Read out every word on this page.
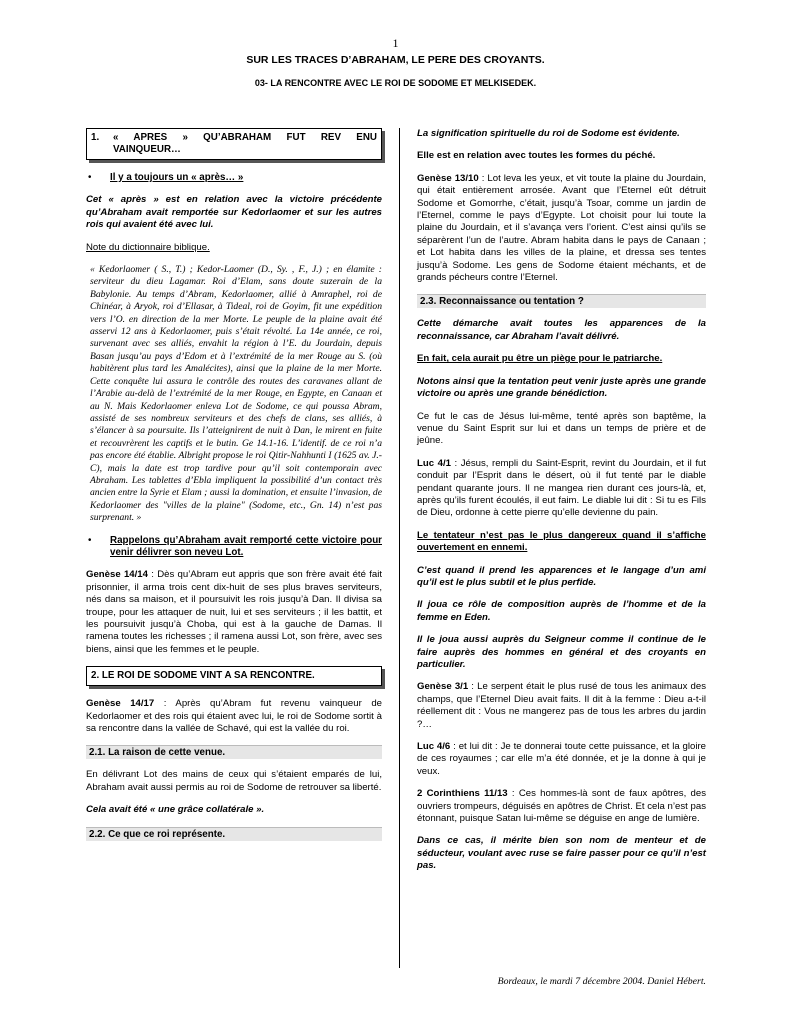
1
SUR LES TRACES D’ABRAHAM, LE PERE DES CROYANTS.
03- LA RENCONTRE AVEC LE ROI DE SODOME ET MELKISEDEK.
1.	« APRES » QU’ABRAHAM FUT REV ENU
VAINQUEUR…
•	Il y a toujours un « après… »

Cet « après » est en relation avec la victoire précédente qu’Abraham avait remportée sur Kedorlaomer et sur les autres rois qui avaient été avec lui.

Note du dictionnaire biblique.

« Kedorlaomer ( S., T.) ; Kedor-Laomer (D., Sy. , F., J.) ; en élamite : serviteur du dieu Lagamar. Roi d’Elam, sans doute suzerain de la Babylonie. Au temps d’Abram, Kedorlaomer, allié à Amraphel, roi de Chinéar, à Aryok, roi d’Ellasar, à Tideal, roi de Goyim, fit une expédition vers l’O. en direction de la mer Morte. Le peuple de la plaine avait été asservi 12 ans à Kedorlaomer, puis s’était révolté. La 14e année, ce roi, survenant avec ses alliés, envahit la région à l’E. du Jourdain, depuis Basan jusqu’au pays d’Edom et à l’extrémité de la mer Rouge au S. (où habitèrent plus tard les Amalécites), ainsi que la plaine de la mer Morte. Cette conquête lui assura le contrôle des routes des caravanes allant de l’Arabie au-delà de l’extrémité de la mer Rouge, en Egypte, en Canaan et au N. Mais Kedorlaomer enleva Lot de Sodome, ce qui poussa Abram, assisté de ses nombreux serviteurs et des chefs de clans, ses alliés, à s’élancer à sa poursuite. Ils l’atteignirent de nuit à Dan, le mirent en fuite et recouvrèrent les captifs et le butin. Ge 14.1-16. L’identif. de ce roi n’a pas encore été établie. Albright propose le roi Qitir-Nahhunti I (1625 av. J.- C), mais la date est trop tardive pour qu’il soit contemporain avec Abraham. Les tablettes d’Ebla impliquent la possibilité d’un contact très ancien entre la Syrie et Elam ; aussi la domination, et ensuite l’invasion, de Kedorlaomer des "villes de la plaine" (Sodome, etc., Gn. 14) n’est pas surprenant. »

•	Rappelons qu’Abraham avait remporté cette victoire pour venir délivrer son neveu Lot.

Genèse 14/14 : Dès qu’Abram eut appris que son frère avait été fait prisonnier, il arma trois cent dix-huit de ses plus braves serviteurs, nés dans sa maison, et il poursuivit les rois jusqu’à Dan. Il divisa sa troupe, pour les attaquer de nuit, lui et ses serviteurs ; il les battit, et les poursuivit jusqu’à Choba, qui est à la gauche de Damas. Il ramena toutes les richesses ; il ramena aussi Lot, son frère, avec ses biens, ainsi que les femmes et le peuple.

2. LE ROI DE SODOME VINT A SA RENCONTRE.

Genèse 14/17 : Après qu’Abram fut revenu vainqueur de Kedorlaomer et des rois qui étaient avec lui, le roi de Sodome sortit à sa rencontre dans la vallée de Schavé, qui est la vallée du roi.

2.1. La raison de cette venue.

En délivrant Lot des mains de ceux qui s’étaient emparés de lui, Abraham avait aussi permis au roi de Sodome de retrouver sa liberté.

Cela avait été « une grâce collatérale ».

2.2. Ce que ce roi représente.

La signification spirituelle du roi de Sodome est évidente.

Elle est en relation avec toutes les formes du péché.

Genèse 13/10 : Lot leva les yeux, et vit toute la plaine du Jourdain, qui était entièrement arrosée. Avant que l’Eternel eût détruit Sodome et Gomorrhe, c’était, jusqu’à Tsoar, comme un jardin de l’Eternel, comme le pays d’Egypte. Lot choisit pour lui toute la plaine du Jourdain, et il s’avança vers l’orient. C’est ainsi qu’ils se séparèrent l’un de l’autre. Abram habita dans le pays de Canaan ; et Lot habita dans les villes de la plaine, et dressa ses tentes jusqu’à Sodome. Les gens de Sodome étaient méchants, et de grands pécheurs contre l’Eternel.

2.3. Reconnaissance ou tentation ?

Cette démarche avait toutes les apparences de la reconnaissance, car Abraham l’avait délivré.

En fait, cela aurait pu être un piège pour le patriarche.

Notons ainsi que la tentation peut venir juste après une grande victoire ou après une grande bénédiction.

Ce fut le cas de Jésus lui-même, tenté après son baptême, la venue du Saint Esprit sur lui et dans un temps de prière et de jeûne.

Luc 4/1 : Jésus, rempli du Saint-Esprit, revint du Jourdain, et il fut conduit par l’Esprit dans le désert, où il fut tenté par le diable pendant quarante jours. Il ne mangea rien durant ces jours-là, et, après qu’ils furent écoulés, il eut faim. Le diable lui dit : Si tu es Fils de Dieu, ordonne à cette pierre qu’elle devienne du pain.

Le tentateur n’est pas le plus dangereux quand il s’affiche ouvertement en ennemi.

C’est quand il prend les apparences et le langage d’un ami qu’il est le plus subtil et le plus perfide.

Il joua ce rôle de composition auprès de l’homme et de la femme en Eden.

Il le joua aussi auprès du Seigneur comme il continue de le faire auprès des hommes en général et des croyants en particulier.

Genèse 3/1 : Le serpent était le plus rusé de tous les animaux des champs, que l’Eternel Dieu avait faits. Il dit à la femme : Dieu a-t-il réellement dit : Vous ne mangerez pas de tous les arbres du jardin ?…

Luc 4/6 : et lui dit : Je te donnerai toute cette puissance, et la gloire de ces royaumes ; car elle m’a été donnée, et je la donne à qui je veux.

2 Corinthiens 11/13 : Ces hommes-là sont de faux apôtres, des ouvriers trompeurs, déguisés en apôtres de Christ. Et cela n’est pas étonnant, puisque Satan lui-même se déguise en ange de lumière.

Dans ce cas, il mérite bien son nom de menteur et de séducteur, voulant avec ruse se faire passer pour ce qu’il n’est pas.

Bordeaux, le mardi 7 décembre 2004. Daniel Hébert.
